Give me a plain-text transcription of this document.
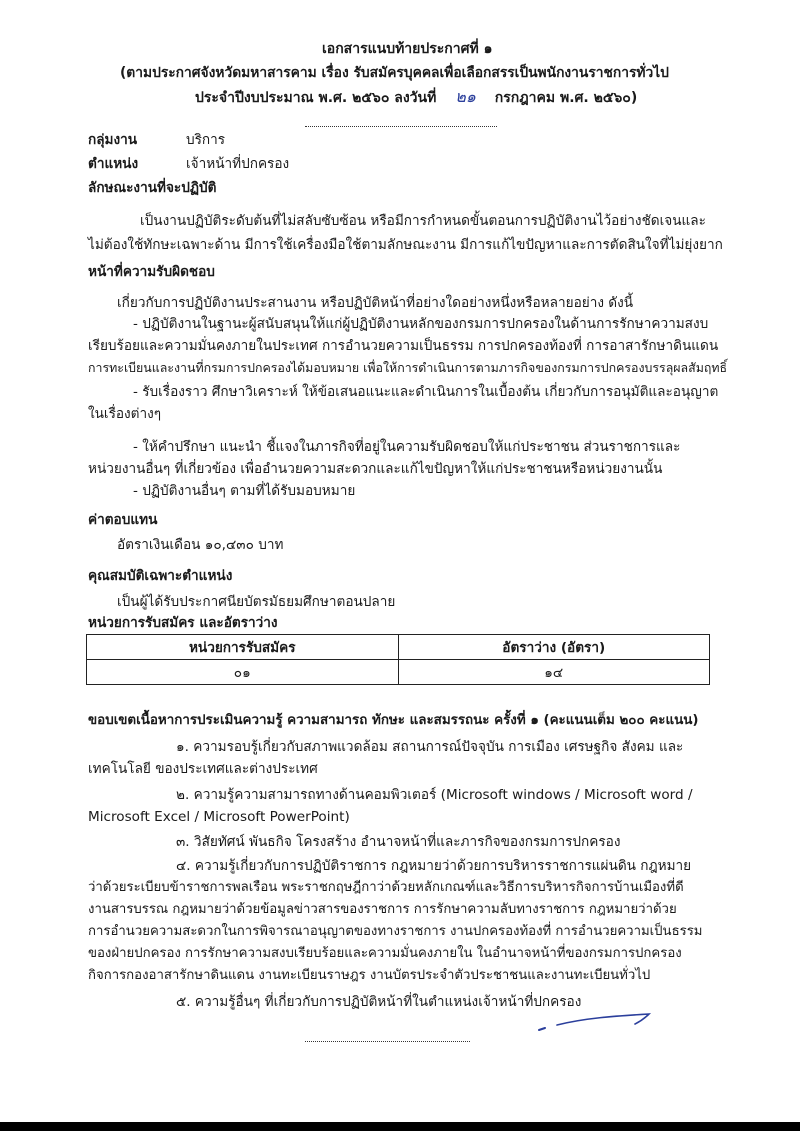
เอกสารแนบท้ายประกาศที่ ๑
(ตามประกาศจังหวัดมหาสารคาม เรื่อง รับสมัครบุคคลเพื่อเลือกสรรเป็นพนักงานราชการทั่วไป
ประจำปีงบประมาณ พ.ศ. ๒๕๖๐ ลงวันที่ ๒๑ กรกฎาคม พ.ศ. ๒๕๖๐)
กลุ่มงาน	บริการ
ตำแหน่ง	เจ้าหน้าที่ปกครอง
ลักษณะงานที่จะปฏิบัติ
เป็นงานปฏิบัติระดับต้นที่ไม่สลับซับซ้อน หรือมีการกำหนดขั้นตอนการปฏิบัติงานไว้อย่างชัดเจนและ
ไม่ต้องใช้ทักษะเฉพาะด้าน มีการใช้เครื่องมือใช้ตามลักษณะงาน มีการแก้ไขปัญหาและการตัดสินใจที่ไม่ยุ่งยาก
หน้าที่ความรับผิดชอบ
เกี่ยวกับการปฏิบัติงานประสานงาน หรือปฏิบัติหน้าที่อย่างใดอย่างหนึ่งหรือหลายอย่าง ดังนี้
- ปฏิบัติงานในฐานะผู้สนับสนุนให้แก่ผู้ปฏิบัติงานหลักของกรมการปกครองในด้านการรักษาความสงบ
เรียบร้อยและความมั่นคงภายในประเทศ การอำนวยความเป็นธรรม การปกครองท้องที่ การอาสารักษาดินแดน
การทะเบียนและงานที่กรมการปกครองได้มอบหมาย เพื่อให้การดำเนินการตามภารกิจของกรมการปกครองบรรลุผลสัมฤทธิ์
- รับเรื่องราว ศึกษาวิเคราะห์ ให้ข้อเสนอแนะและดำเนินการในเบื้องต้น เกี่ยวกับการอนุมัติและอนุญาต
ในเรื่องต่างๆ
- ให้คำปรึกษา แนะนำ ชี้แจงในภารกิจที่อยู่ในความรับผิดชอบให้แก่ประชาชน ส่วนราชการและ
หน่วยงานอื่นๆ ที่เกี่ยวข้อง เพื่ออำนวยความสะดวกและแก้ไขปัญหาให้แก่ประชาชนหรือหน่วยงานนั้น
- ปฏิบัติงานอื่นๆ ตามที่ได้รับมอบหมาย
ค่าตอบแทน
อัตราเงินเดือน ๑๐,๔๓๐ บาท
คุณสมบัติเฉพาะตำแหน่ง
เป็นผู้ได้รับประกาศนียบัตรมัธยมศึกษาตอนปลาย
หน่วยการรับสมัคร และอัตราว่าง
หน่วยการรับสมัคร	อัตราว่าง (อัตรา)
๐๑	๑๔
ขอบเขตเนื้อหาการประเมินความรู้ ความสามารถ ทักษะ และสมรรถนะ ครั้งที่ ๑ (คะแนนเต็ม ๒๐๐ คะแนน)
๑. ความรอบรู้เกี่ยวกับสภาพแวดล้อม สถานการณ์ปัจจุบัน การเมือง เศรษฐกิจ สังคม และ
เทคโนโลยี ของประเทศและต่างประเทศ
๒. ความรู้ความสามารถทางด้านคอมพิวเตอร์ (Microsoft windows / Microsoft word /
Microsoft Excel / Microsoft PowerPoint)
๓. วิสัยทัศน์ พันธกิจ โครงสร้าง อำนาจหน้าที่และภารกิจของกรมการปกครอง
๔. ความรู้เกี่ยวกับการปฏิบัติราชการ กฎหมายว่าด้วยการบริหารราชการแผ่นดิน กฎหมาย
ว่าด้วยระเบียบข้าราชการพลเรือน พระราชกฤษฎีกาว่าด้วยหลักเกณฑ์และวิธีการบริหารกิจการบ้านเมืองที่ดี
งานสารบรรณ กฎหมายว่าด้วยข้อมูลข่าวสารของราชการ การรักษาความลับทางราชการ กฎหมายว่าด้วย
การอำนวยความสะดวกในการพิจารณาอนุญาตของทางราชการ งานปกครองท้องที่ การอำนวยความเป็นธรรม
ของฝ่ายปกครอง การรักษาความสงบเรียบร้อยและความมั่นคงภายใน ในอำนาจหน้าที่ของกรมการปกครอง
กิจการกองอาสารักษาดินแดน งานทะเบียนราษฎร งานบัตรประจำตัวประชาชนและงานทะเบียนทั่วไป
๕. ความรู้อื่นๆ ที่เกี่ยวกับการปฏิบัติหน้าที่ในตำแหน่งเจ้าหน้าที่ปกครอง
